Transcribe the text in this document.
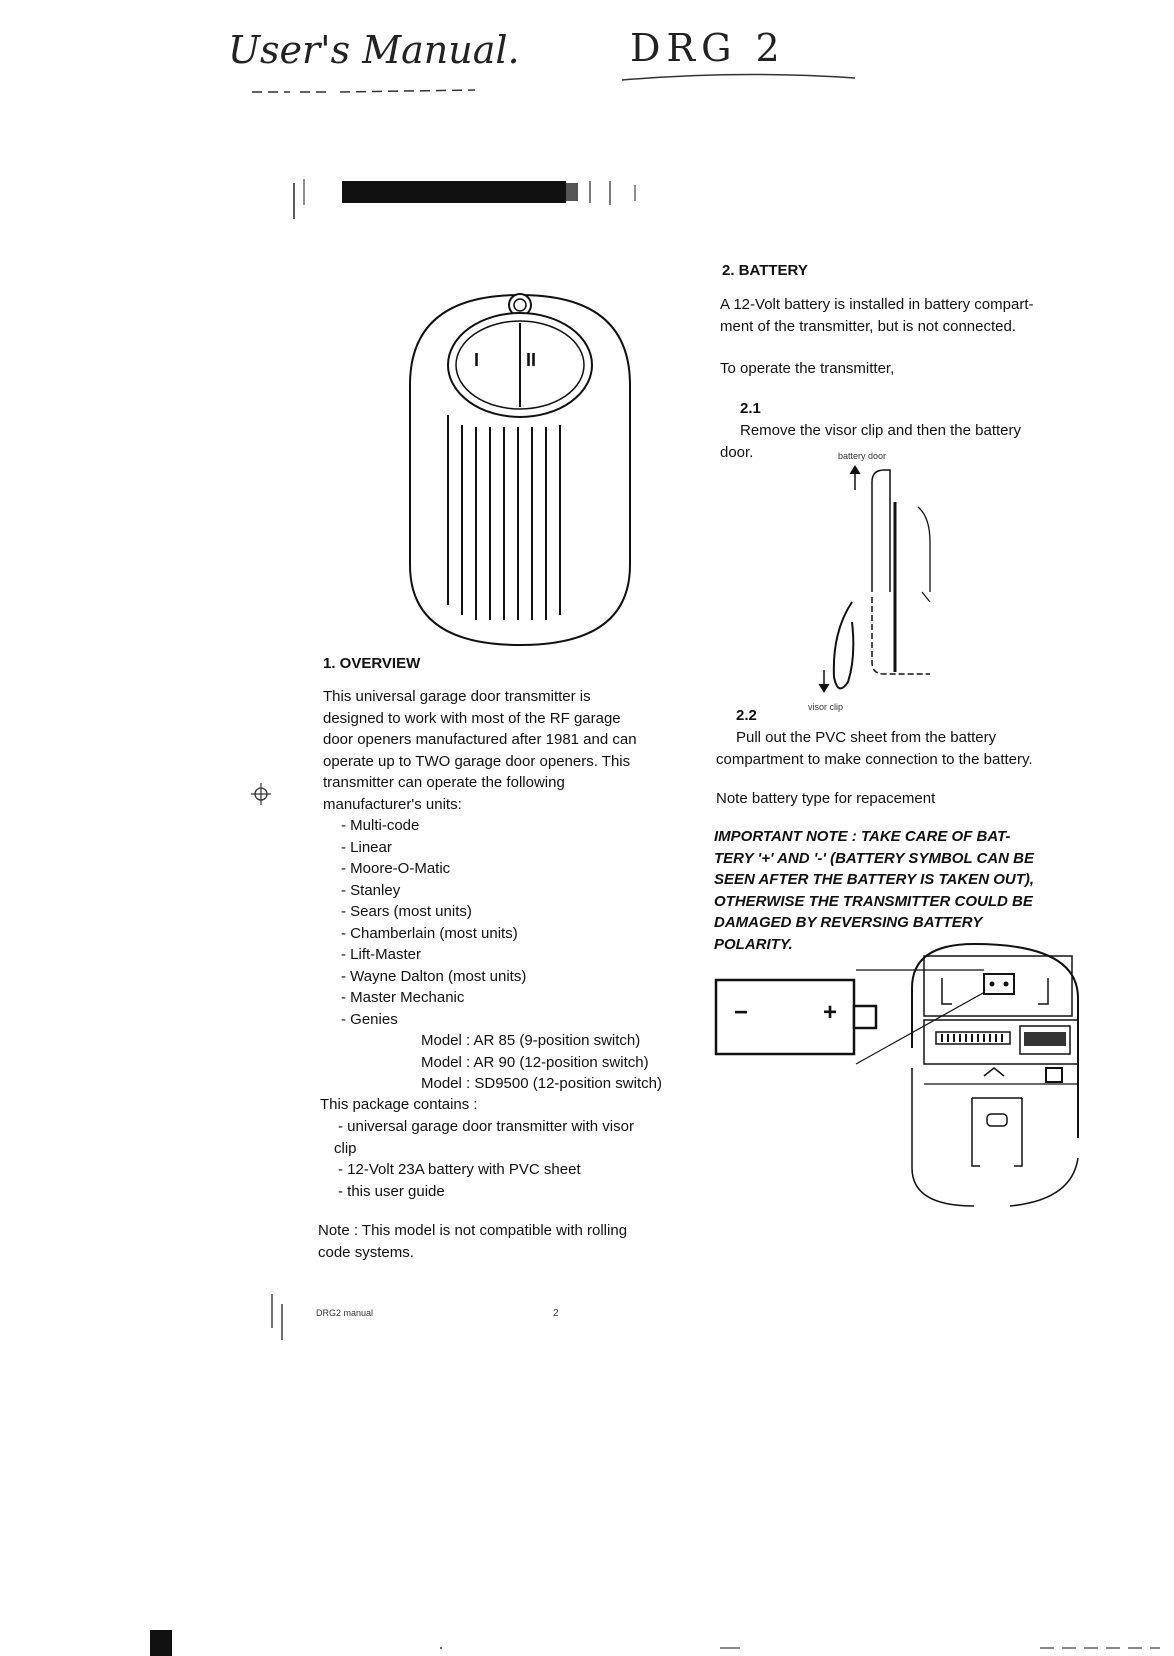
User's Manual.	DRG 2
I	II
1. OVERVIEW
This universal garage door transmitter is
designed to work with most of the RF garage
door openers manufactured after 1981 and can
operate up to TWO garage door openers. This
transmitter can operate the following
manufacturer's units:
- Multi-code
- Linear
- Moore-O-Matic
- Stanley
- Sears (most units)
- Chamberlain (most units)
- Lift-Master
- Wayne Dalton (most units)
- Master Mechanic
- Genies
Model : AR 85 (9-position switch)
Model : AR 90 (12-position switch)
Model : SD9500 (12-position switch)
This package contains :
- universal garage door transmitter with visor
clip
- 12-Volt 23A battery with PVC sheet
- this user guide
Note : This model is not compatible with rolling
code systems.
2. BATTERY
A 12-Volt battery is installed in battery compart-
ment of the transmitter, but is not connected.
To operate the transmitter,
2.1
Remove the visor clip and then the battery
door.	battery door
visor clip
2.2
Pull out the PVC sheet from the battery
compartment to make connection to the battery.
Note battery type for repacement
IMPORTANT NOTE : TAKE CARE OF BAT-
TERY '+' AND '-' (BATTERY SYMBOL CAN BE
SEEN AFTER THE BATTERY IS TAKEN OUT),
OTHERWISE THE TRANSMITTER COULD BE
DAMAGED BY REVERSING BATTERY
POLARITY.
−	+
DRG2 manual	2
